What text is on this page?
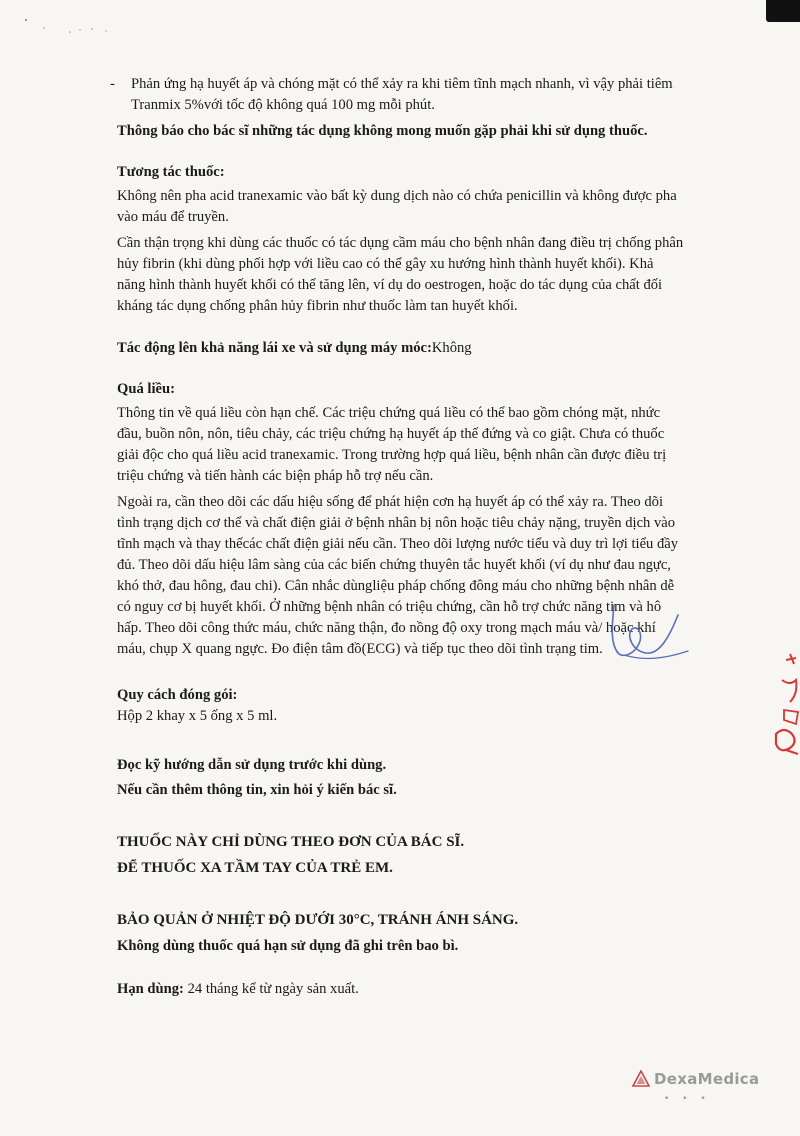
-	Phản ứng hạ huyết áp và chóng mặt có thể xảy ra khi tiêm tĩnh mạch nhanh, vì vậy phải tiêm
Tranmix 5%với tốc độ không quá 100 mg mỗi phút.
Thông báo cho bác sĩ những tác dụng không mong muốn gặp phải khi sử dụng thuốc.
Tương tác thuốc:
Không nên pha acid tranexamic vào bất kỳ dung dịch nào có chứa penicillin và không được pha
vào máu để truyền.
Cần thận trọng khi dùng các thuốc có tác dụng cầm máu cho bệnh nhân đang điều trị chống phân
hủy fibrin (khi dùng phối hợp với liều cao có thể gây xu hướng hình thành huyết khối). Khả
năng hình thành huyết khối có thể tăng lên, ví dụ do oestrogen, hoặc do tác dụng của chất đối
kháng tác dụng chống phân hủy fibrin như thuốc làm tan huyết khối.
Tác động lên khả năng lái xe và sử dụng máy móc:Không
Quá liều:
Thông tin về quá liều còn hạn chế. Các triệu chứng quá liều có thể bao gồm chóng mặt, nhức
đầu, buồn nôn, nôn, tiêu chảy, các triệu chứng hạ huyết áp thế đứng và co giật. Chưa có thuốc
giải độc cho quá liều acid tranexamic. Trong trường hợp quá liều, bệnh nhân cần được điều trị
triệu chứng và tiến hành các biện pháp hỗ trợ nếu cần.
Ngoài ra, cần theo dõi các dấu hiệu sống để phát hiện cơn hạ huyết áp có thể xảy ra. Theo dõi
tình trạng dịch cơ thể và chất điện giải ở bệnh nhân bị nôn hoặc tiêu chảy nặng, truyền dịch vào
tĩnh mạch và thay thếcác chất điện giải nếu cần. Theo dõi lượng nước tiểu và duy trì lợi tiểu đầy
đủ. Theo dõi dấu hiệu lâm sàng của các biến chứng thuyên tắc huyết khối (ví dụ như đau ngực,
khó thở, đau hông, đau chi). Cân nhắc dùngliệu pháp chống đông máu cho những bệnh nhân dễ
có nguy cơ bị huyết khối. Ở những bệnh nhân có triệu chứng, cần hỗ trợ chức năng tim và hô
hấp. Theo dõi công thức máu, chức năng thận, đo nồng độ oxy trong mạch máu và/ hoặc khí
máu, chụp X quang ngực. Đo điện tâm đồ(ECG) và tiếp tục theo dõi tình trạng tim.
Quy cách đóng gói:
Hộp 2 khay x 5 ống x 5 ml.
Đọc kỹ hướng dẫn sử dụng trước khi dùng.
Nếu cần thêm thông tin, xin hỏi ý kiến bác sĩ.
THUỐC NÀY CHỈ DÙNG THEO ĐƠN CỦA BÁC SĨ.
ĐỂ THUỐC XA TẦM TAY CỦA TRẺ EM.
BẢO QUẢN Ở NHIỆT ĐỘ DƯỚI 30°C, TRÁNH ÁNH SÁNG.
Không dùng thuốc quá hạn sử dụng đã ghi trên bao bì.
Hạn dùng: 24 tháng kể từ ngày sản xuất.
DexaMedica
• • •
